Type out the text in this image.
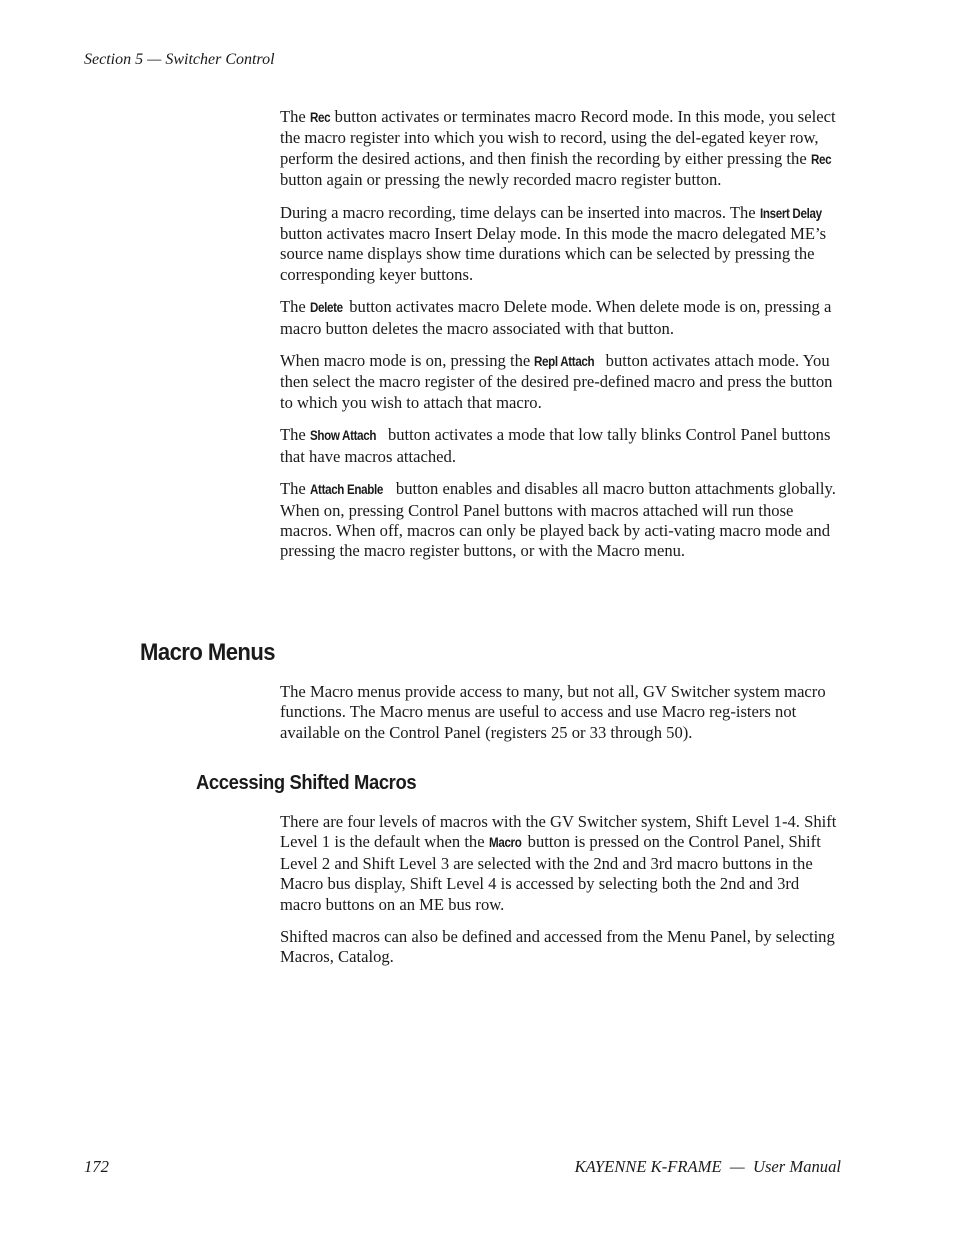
Section 5 — Switcher Control

The Rec button activates or terminates macro Record mode. In this mode, you select the macro register into which you wish to record, using the del-egated keyer row, perform the desired actions, and then finish the recording by either pressing the Rec button again or pressing the newly recorded macro register button.

During a macro recording, time delays can be inserted into macros. The Insert Delay button activates macro Insert Delay mode. In this mode the macro delegated ME’s source name displays show time durations which can be selected by pressing the corresponding keyer buttons.

The Delete button activates macro Delete mode. When delete mode is on, pressing a macro button deletes the macro associated with that button.

When macro mode is on, pressing the Repl Attach button activates attach mode. You then select the macro register of the desired pre-defined macro and press the button to which you wish to attach that macro.

The Show Attach button activates a mode that low tally blinks Control Panel buttons that have macros attached.

The Attach Enable button enables and disables all macro button attachments globally. When on, pressing Control Panel buttons with macros attached will run those macros. When off, macros can only be played back by acti-vating macro mode and pressing the macro register buttons, or with the Macro menu.

Macro Menus

The Macro menus provide access to many, but not all, GV Switcher system macro functions. The Macro menus are useful to access and use Macro reg-isters not available on the Control Panel (registers 25 or 33 through 50).

Accessing Shifted Macros

There are four levels of macros with the GV Switcher system, Shift Level 1-4. Shift Level 1 is the default when the Macro button is pressed on the Control Panel, Shift Level 2 and Shift Level 3 are selected with the 2nd and 3rd macro buttons in the Macro bus display, Shift Level 4 is accessed by selecting both the 2nd and 3rd macro buttons on an ME bus row.

Shifted macros can also be defined and accessed from the Menu Panel, by selecting Macros, Catalog.

172	KAYENNE K-FRAME  —  User Manual
